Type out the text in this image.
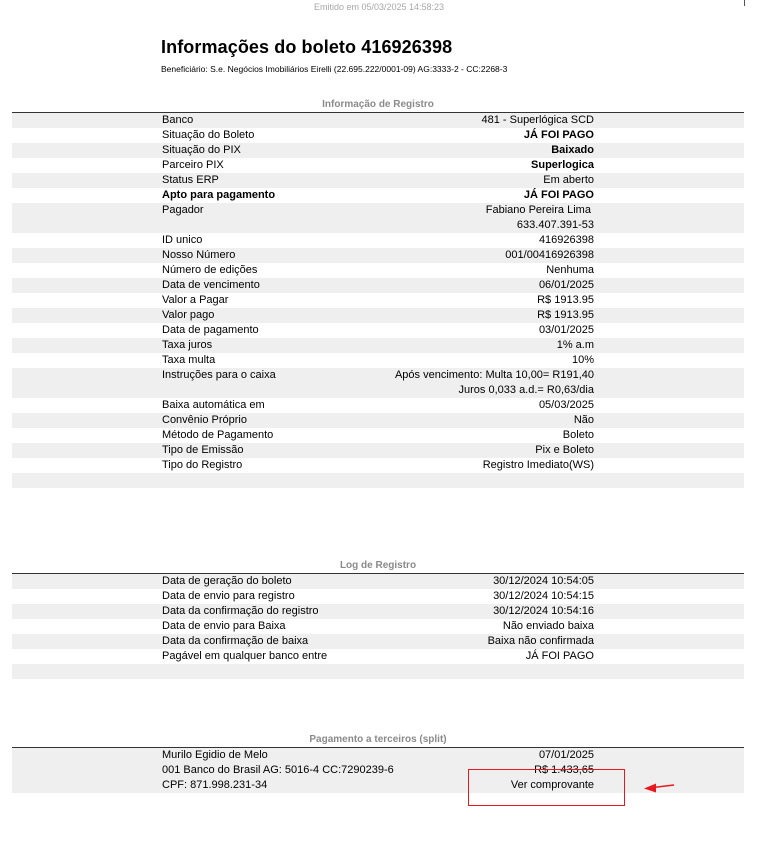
Emitido em 05/03/2025 14:58:23
Informações do boleto 416926398
Beneficiário: S.e. Negócios Imobiliários Eirelli (22.695.222/0001-09) AG:3333-2 - CC:2268-3
Informação de Registro
Banco	481 - Superlógica SCD
Situação do Boleto	JÁ FOI PAGO
Situação do PIX	Baixado
Parceiro PIX	Superlogica
Status ERP	Em aberto
Apto para pagamento	JÁ FOI PAGO
Pagador	Fabiano Pereira Lima
633.407.391-53
ID unico	416926398
Nosso Número	001/00416926398
Número de edições	Nenhuma
Data de vencimento	06/01/2025
Valor a Pagar	R$ 1913.95
Valor pago	R$ 1913.95
Data de pagamento	03/01/2025
Taxa juros	1% a.m
Taxa multa	10%
Instruções para o caixa	Após vencimento: Multa 10,00= R191,40
Juros 0,033 a.d.= R0,63/dia
Baixa automática em	05/03/2025
Convênio Próprio	Não
Método de Pagamento	Boleto
Tipo de Emissão	Pix e Boleto
Tipo do Registro	Registro Imediato(WS)
Log de Registro
Data de geração do boleto	30/12/2024 10:54:05
Data de envio para registro	30/12/2024 10:54:15
Data da confirmação do registro	30/12/2024 10:54:16
Data de envio para Baixa	Não enviado baixa
Data da confirmação de baixa	Baixa não confirmada
Pagável em qualquer banco entre	JÁ FOI PAGO
Pagamento a terceiros (split)
Murilo Egidio de Melo	07/01/2025
001 Banco do Brasil AG: 5016-4 CC:7290239-6	R$ 1.433,65
CPF: 871.998.231-34	Ver comprovante
